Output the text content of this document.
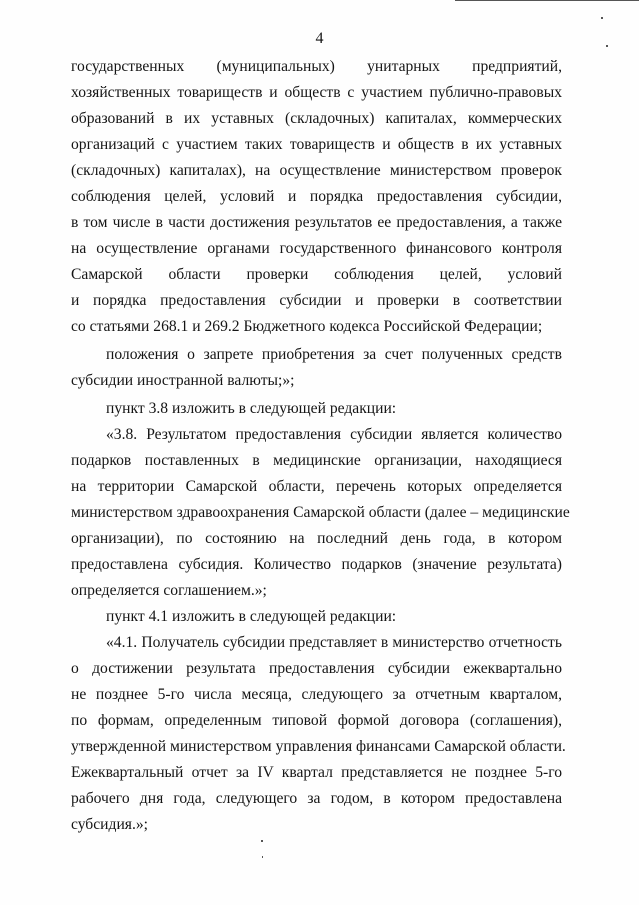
4
государственных (муниципальных) унитарных предприятий,
хозяйственных товариществ и обществ с участием публично-правовых
образований в их уставных (складочных) капиталах, коммерческих
организаций с участием таких товариществ и обществ в их уставных
(складочных) капиталах), на осуществление министерством проверок
соблюдения целей, условий и порядка предоставления субсидии,
в том числе в части достижения результатов ее предоставления, а также
на осуществление органами государственного финансового контроля
Самарской области проверки соблюдения целей, условий
и порядка предоставления субсидии и проверки в соответствии
со статьями 268.1 и 269.2 Бюджетного кодекса Российской Федерации;
положения о запрете приобретения за счет полученных средств
субсидии иностранной валюты;»;
пункт 3.8 изложить в следующей редакции:
«3.8. Результатом предоставления субсидии является количество
подарков поставленных в медицинские организации, находящиеся
на территории Самарской области, перечень которых определяется
министерством здравоохранения Самарской области (далее – медицинские
организации), по состоянию на последний день года, в котором
предоставлена субсидия. Количество подарков (значение результата)
определяется соглашением.»;
пункт 4.1 изложить в следующей редакции:
«4.1. Получатель субсидии представляет в министерство отчетность
о достижении результата предоставления субсидии ежеквартально
не позднее 5-го числа месяца, следующего за отчетным кварталом,
по формам, определенным типовой формой договора (соглашения),
утвержденной министерством управления финансами Самарской области.
Ежеквартальный отчет за IV квартал представляется не позднее 5-го
рабочего дня года, следующего за годом, в котором предоставлена
субсидия.»;
